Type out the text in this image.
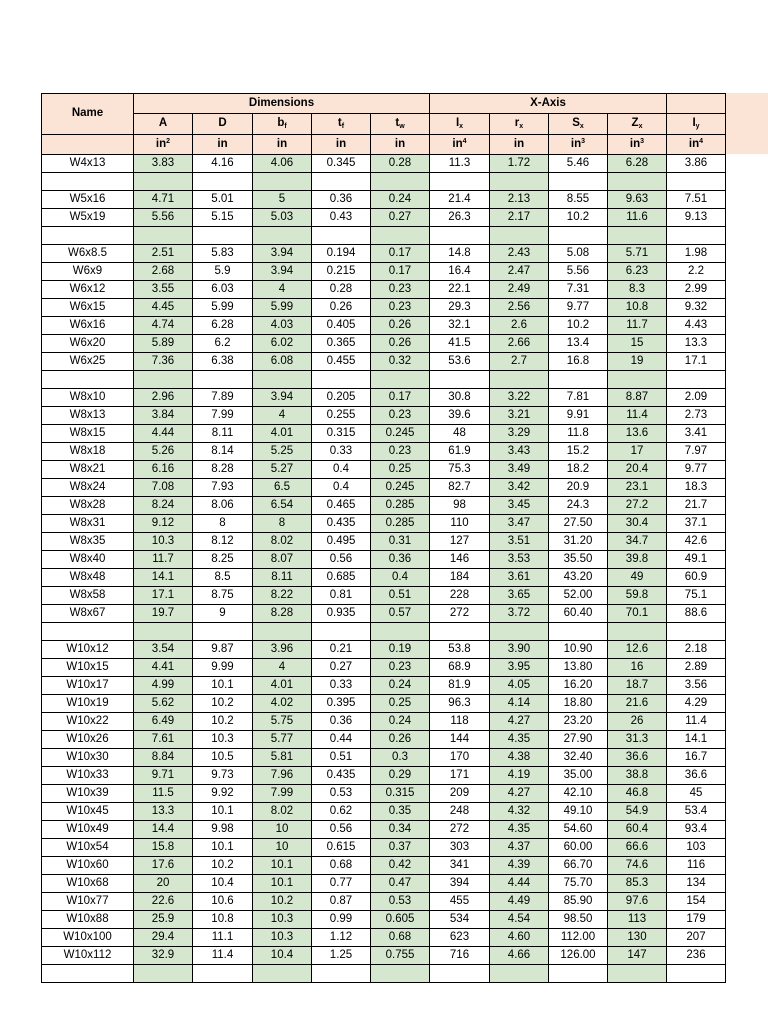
Name	Dimensions					X-Axis				
	A	D	$b_f$	$t_f$	$t_w$	$I_x$	$r_x$	$S_x$	$Z_x$	$I_y$
	$in^2$	in	in	in	in	$in^4$	in	$in^3$	$in^3$	$in^4$
W4x13	3.83	4.16	4.06	0.345	0.28	11.3	1.72	5.46	6.28	3.86

W5x16	4.71	5.01	5	0.36	0.24	21.4	2.13	8.55	9.63	7.51
W5x19	5.56	5.15	5.03	0.43	0.27	26.3	2.17	10.2	11.6	9.13

W6x8.5	2.51	5.83	3.94	0.194	0.17	14.8	2.43	5.08	5.71	1.98
W6x9	2.68	5.9	3.94	0.215	0.17	16.4	2.47	5.56	6.23	2.2
W6x12	3.55	6.03	4	0.28	0.23	22.1	2.49	7.31	8.3	2.99
W6x15	4.45	5.99	5.99	0.26	0.23	29.3	2.56	9.77	10.8	9.32
W6x16	4.74	6.28	4.03	0.405	0.26	32.1	2.6	10.2	11.7	4.43
W6x20	5.89	6.2	6.02	0.365	0.26	41.5	2.66	13.4	15	13.3
W6x25	7.36	6.38	6.08	0.455	0.32	53.6	2.7	16.8	19	17.1

W8x10	2.96	7.89	3.94	0.205	0.17	30.8	3.22	7.81	8.87	2.09
W8x13	3.84	7.99	4	0.255	0.23	39.6	3.21	9.91	11.4	2.73
W8x15	4.44	8.11	4.01	0.315	0.245	48	3.29	11.8	13.6	3.41
W8x18	5.26	8.14	5.25	0.33	0.23	61.9	3.43	15.2	17	7.97
W8x21	6.16	8.28	5.27	0.4	0.25	75.3	3.49	18.2	20.4	9.77
W8x24	7.08	7.93	6.5	0.4	0.245	82.7	3.42	20.9	23.1	18.3
W8x28	8.24	8.06	6.54	0.465	0.285	98	3.45	24.3	27.2	21.7
W8x31	9.12	8	8	0.435	0.285	110	3.47	27.50	30.4	37.1
W8x35	10.3	8.12	8.02	0.495	0.31	127	3.51	31.20	34.7	42.6
W8x40	11.7	8.25	8.07	0.56	0.36	146	3.53	35.50	39.8	49.1
W8x48	14.1	8.5	8.11	0.685	0.4	184	3.61	43.20	49	60.9
W8x58	17.1	8.75	8.22	0.81	0.51	228	3.65	52.00	59.8	75.1
W8x67	19.7	9	8.28	0.935	0.57	272	3.72	60.40	70.1	88.6

W10x12	3.54	9.87	3.96	0.21	0.19	53.8	3.90	10.90	12.6	2.18
W10x15	4.41	9.99	4	0.27	0.23	68.9	3.95	13.80	16	2.89
W10x17	4.99	10.1	4.01	0.33	0.24	81.9	4.05	16.20	18.7	3.56
W10x19	5.62	10.2	4.02	0.395	0.25	96.3	4.14	18.80	21.6	4.29
W10x22	6.49	10.2	5.75	0.36	0.24	118	4.27	23.20	26	11.4
W10x26	7.61	10.3	5.77	0.44	0.26	144	4.35	27.90	31.3	14.1
W10x30	8.84	10.5	5.81	0.51	0.3	170	4.38	32.40	36.6	16.7
W10x33	9.71	9.73	7.96	0.435	0.29	171	4.19	35.00	38.8	36.6
W10x39	11.5	9.92	7.99	0.53	0.315	209	4.27	42.10	46.8	45
W10x45	13.3	10.1	8.02	0.62	0.35	248	4.32	49.10	54.9	53.4
W10x49	14.4	9.98	10	0.56	0.34	272	4.35	54.60	60.4	93.4
W10x54	15.8	10.1	10	0.615	0.37	303	4.37	60.00	66.6	103
W10x60	17.6	10.2	10.1	0.68	0.42	341	4.39	66.70	74.6	116
W10x68	20	10.4	10.1	0.77	0.47	394	4.44	75.70	85.3	134
W10x77	22.6	10.6	10.2	0.87	0.53	455	4.49	85.90	97.6	154
W10x88	25.9	10.8	10.3	0.99	0.605	534	4.54	98.50	113	179
W10x100	29.4	11.1	10.3	1.12	0.68	623	4.60	112.00	130	207
W10x112	32.9	11.4	10.4	1.25	0.755	716	4.66	126.00	147	236
